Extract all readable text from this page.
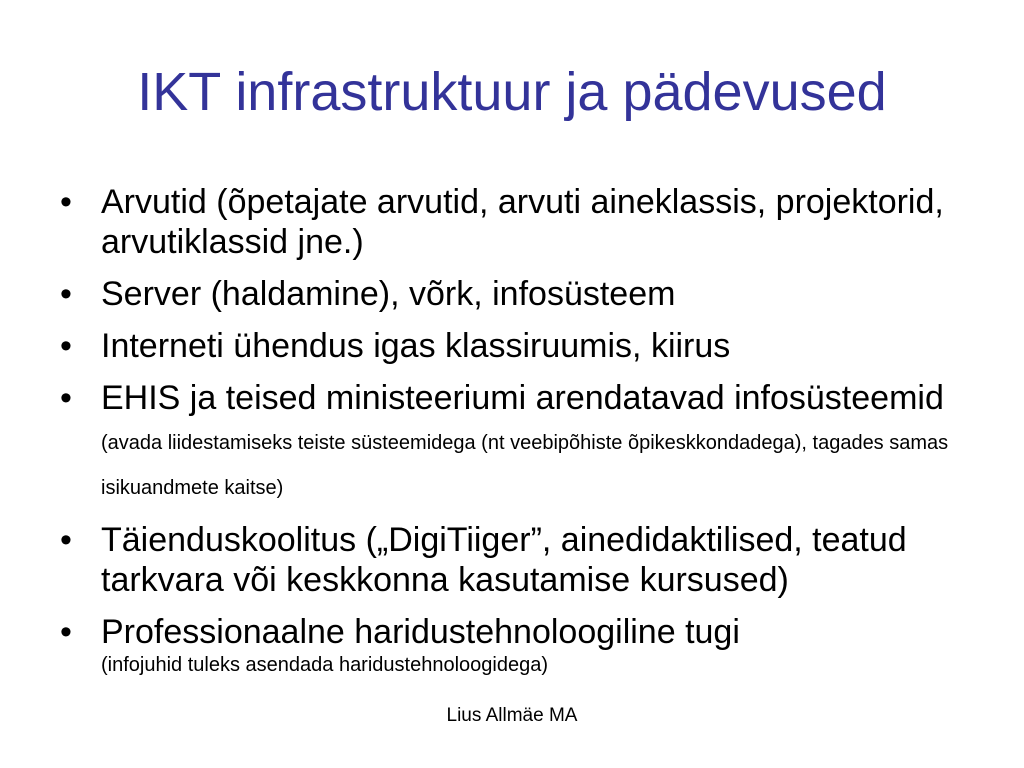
IKT infrastruktuur ja pädevused
• Arvutid (õpetajate arvutid, arvuti aineklassis, projektorid, arvutiklassid jne.)
• Server (haldamine), võrk, infosüsteem
• Interneti ühendus igas klassiruumis, kiirus
• EHIS ja teised ministeeriumi arendatavad infosüsteemid (avada liidestamiseks teiste süsteemidega (nt veebipõhiste õpikeskkondadega), tagades samas isikuandmete kaitse)
• Täienduskoolitus („DigiTiiger”, ainedidaktilised, teatud tarkvara või keskkonna kasutamise kursused)
• Professionaalne haridustehnoloogiline tugi
(infojuhid tuleks asendada haridustehnoloogidega)
Lius Allmäe MA
